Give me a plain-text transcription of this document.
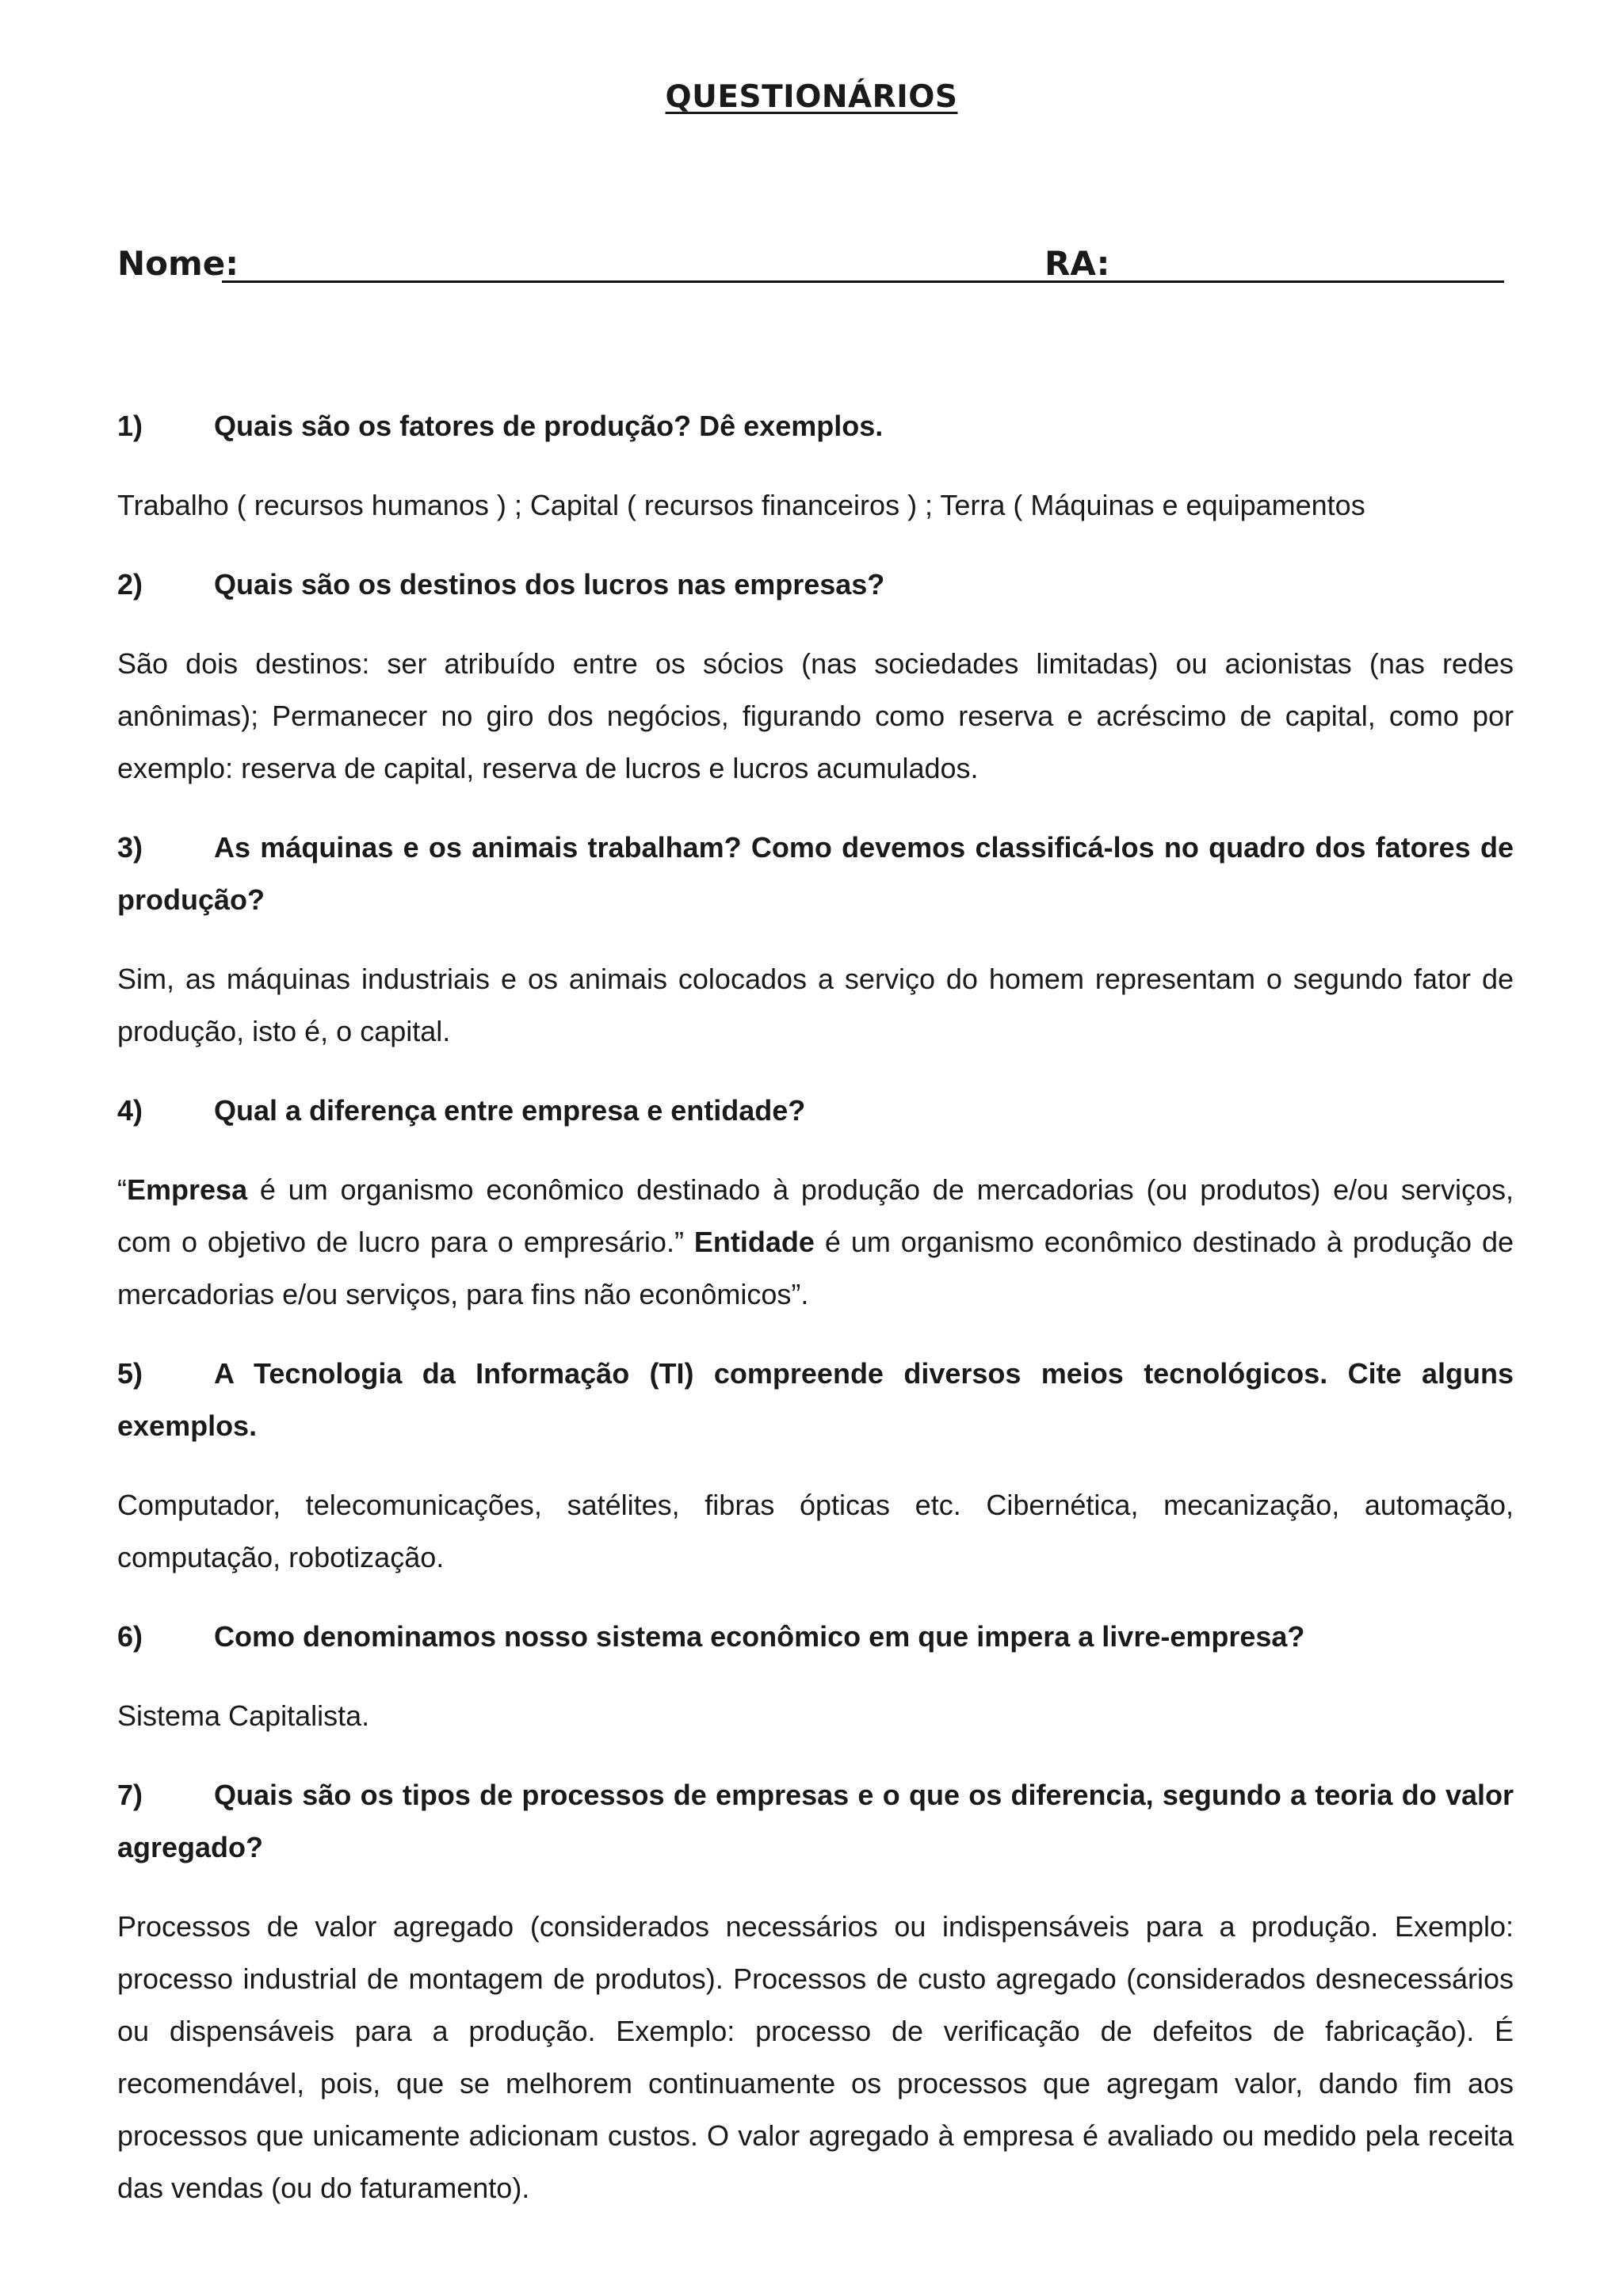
QUESTIONÁRIOS
Nome:	RA:

1)	Quais são os fatores de produção? Dê exemplos.

Trabalho ( recursos humanos ) ; Capital ( recursos financeiros ) ; Terra ( Máquinas e equipamentos

2)	Quais são os destinos dos lucros nas empresas?

São dois destinos: ser atribuído entre os sócios (nas sociedades limitadas) ou acionistas (nas redes anônimas); Permanecer no giro dos negócios, figurando como reserva e acréscimo de capital, como por exemplo: reserva de capital, reserva de lucros e lucros acumulados.

3) As máquinas e os animais trabalham? Como devemos classificá-los no quadro dos fatores de produção?

Sim, as máquinas industriais e os animais colocados a serviço do homem representam o segundo fator de produção, isto é, o capital.

4)	Qual a diferença entre empresa e entidade?

“Empresa é um organismo econômico destinado à produção de mercadorias (ou produtos) e/ou serviços, com o objetivo de lucro para o empresário.” Entidade é um organismo econômico destinado à produção de mercadorias e/ou serviços, para fins não econômicos”.

5) A Tecnologia da Informação (TI) compreende diversos meios tecnológicos. Cite alguns exemplos.

Computador, telecomunicações, satélites, fibras ópticas etc. Cibernética, mecanização, automação, computação, robotização.

6)	Como denominamos nosso sistema econômico em que impera a livre-empresa?

Sistema Capitalista.

7) Quais são os tipos de processos de empresas e o que os diferencia, segundo a teoria do valor agregado?

Processos de valor agregado (considerados necessários ou indispensáveis para a produção. Exemplo: processo industrial de montagem de produtos). Processos de custo agregado (considerados desnecessários ou dispensáveis para a produção. Exemplo: processo de verificação de defeitos de fabricação). É recomendável, pois, que se melhorem continuamente os processos que agregam valor, dando fim aos processos que unicamente adicionam custos. O valor agregado à empresa é avaliado ou medido pela receita das vendas (ou do faturamento).
